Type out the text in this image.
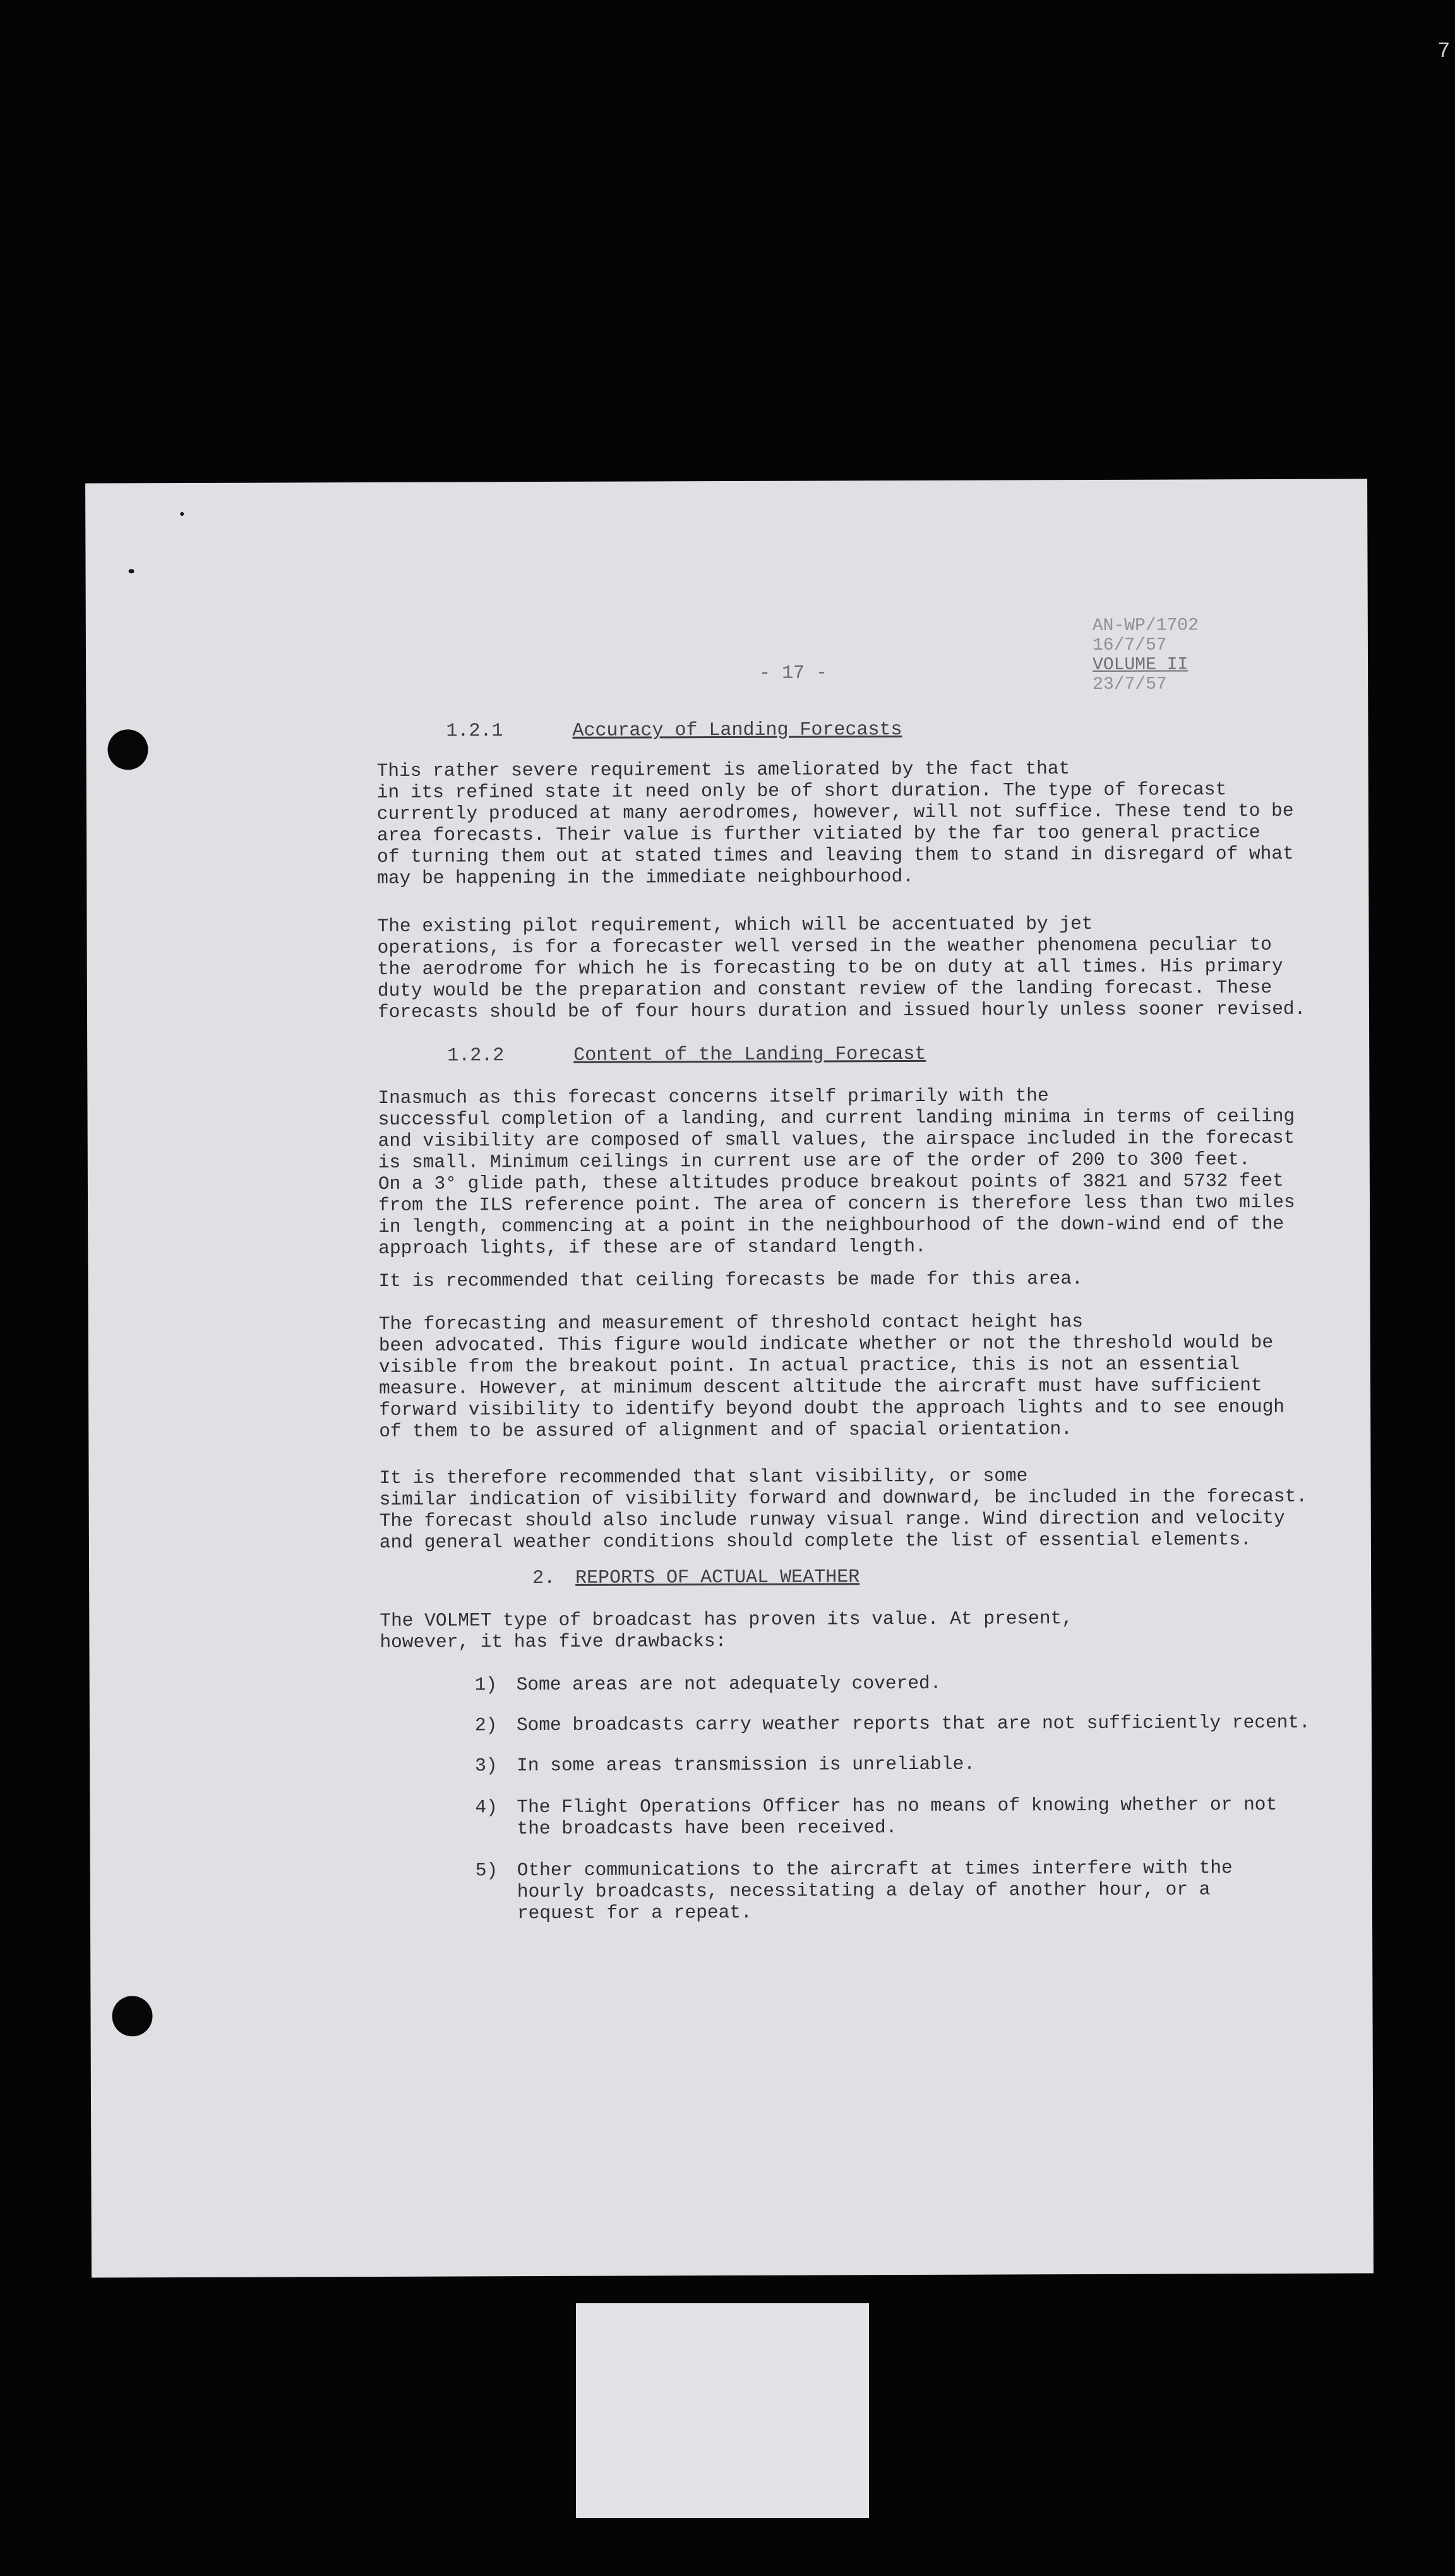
7
AN-WP/1702
16/7/57
VOLUME II
23/7/57
- 17 -
1.2.1	Accuracy of Landing Forecasts

This rather severe requirement is ameliorated by the fact that
in its refined state it need only be of short duration. The type of forecast
currently produced at many aerodromes, however, will not suffice. These tend to be
area forecasts. Their value is further vitiated by the far too general practice
of turning them out at stated times and leaving them to stand in disregard of what
may be happening in the immediate neighbourhood.

The existing pilot requirement, which will be accentuated by jet
operations, is for a forecaster well versed in the weather phenomena peculiar to
the aerodrome for which he is forecasting to be on duty at all times. His primary
duty would be the preparation and constant review of the landing forecast. These
forecasts should be of four hours duration and issued hourly unless sooner revised.

1.2.2	Content of the Landing Forecast

Inasmuch as this forecast concerns itself primarily with the
successful completion of a landing, and current landing minima in terms of ceiling
and visibility are composed of small values, the airspace included in the forecast
is small. Minimum ceilings in current use are of the order of 200 to 300 feet.
On a 3° glide path, these altitudes produce breakout points of 3821 and 5732 feet
from the ILS reference point. The area of concern is therefore less than two miles
in length, commencing at a point in the neighbourhood of the down-wind end of the
approach lights, if these are of standard length.

It is recommended that ceiling forecasts be made for this area.

The forecasting and measurement of threshold contact height has
been advocated. This figure would indicate whether or not the threshold would be
visible from the breakout point. In actual practice, this is not an essential
measure. However, at minimum descent altitude the aircraft must have sufficient
forward visibility to identify beyond doubt the approach lights and to see enough
of them to be assured of alignment and of spacial orientation.

It is therefore recommended that slant visibility, or some
similar indication of visibility forward and downward, be included in the forecast.
The forecast should also include runway visual range. Wind direction and velocity
and general weather conditions should complete the list of essential elements.

2. REPORTS OF ACTUAL WEATHER

The VOLMET type of broadcast has proven its value. At present,
however, it has five drawbacks:

1) Some areas are not adequately covered.
2) Some broadcasts carry weather reports that are not sufficiently recent.
3) In some areas transmission is unreliable.
4) The Flight Operations Officer has no means of knowing whether or not
the broadcasts have been received.
5) Other communications to the aircraft at times interfere with the
hourly broadcasts, necessitating a delay of another hour, or a
request for a repeat.
